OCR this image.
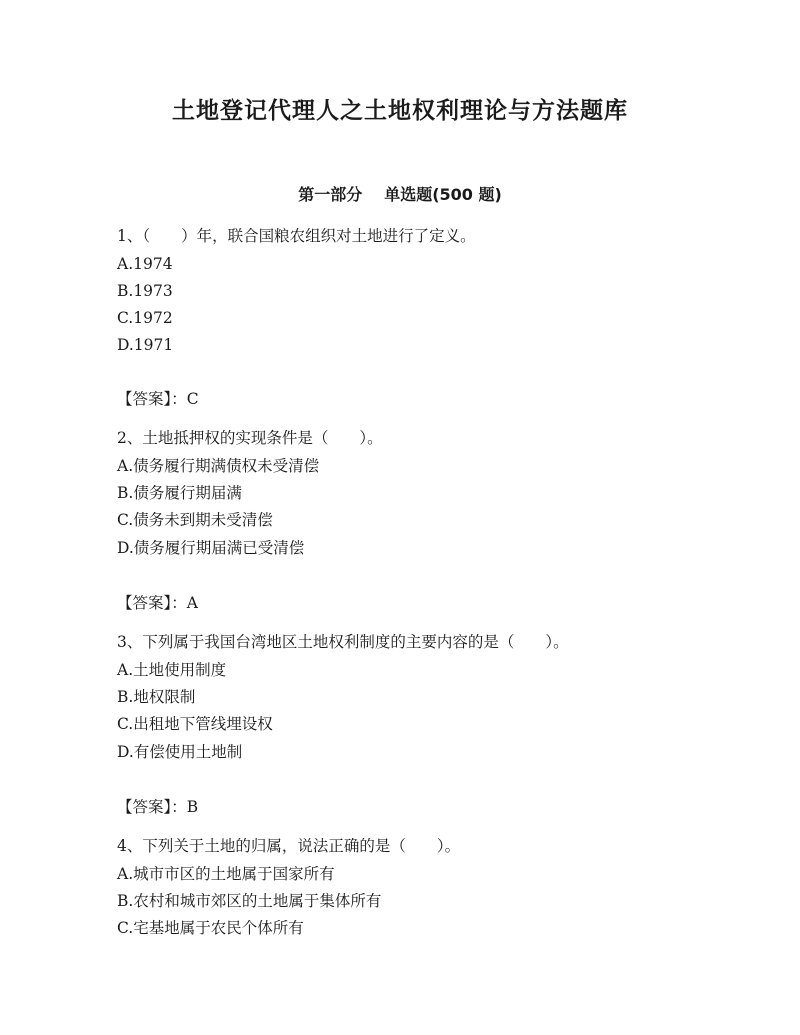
土地登记代理人之土地权利理论与方法题库
第一部分 单选题(500 题)

1、（　　）年，联合国粮农组织对土地进行了定义。

A.1974

B.1973

C.1972

D.1971

【答案】：C

2、土地抵押权的实现条件是（　　）。

A.债务履行期满债权未受清偿

B.债务履行期届满

C.债务未到期未受清偿

D.债务履行期届满已受清偿

【答案】：A

3、下列属于我国台湾地区土地权利制度的主要内容的是（　　）。

A.土地使用制度

B.地权限制

C.出租地下管线埋设权

D.有偿使用土地制

【答案】：B

4、下列关于土地的归属，说法正确的是（　　）。

A.城市市区的土地属于国家所有

B.农村和城市郊区的土地属于集体所有

C.宅基地属于农民个体所有
